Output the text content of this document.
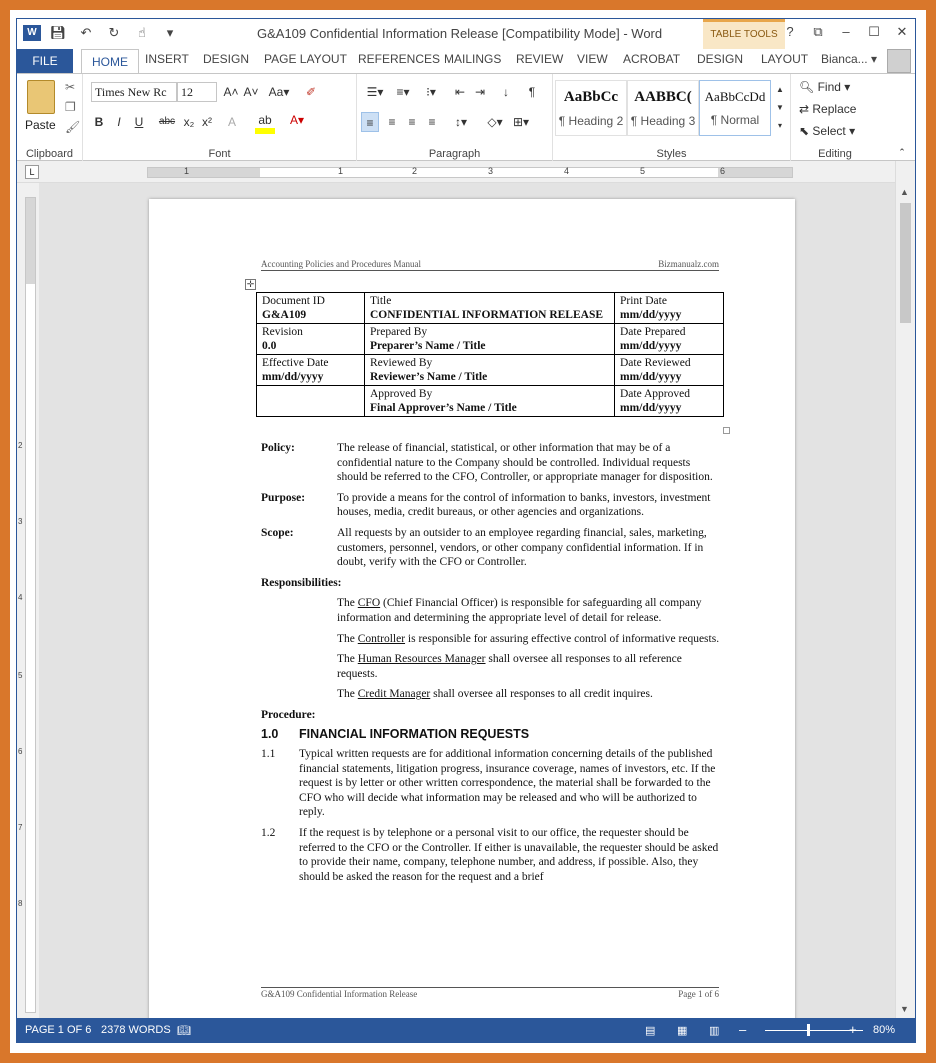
W	💾︎	↶	↻	☝︎	▾	G&A109 Confidential Information Release [Compatibility Mode] - Word	TABLE TOOLS ? ⧉ – ☐ ✕
FILE	HOME	INSERT DESIGN PAGE LAYOUT REFERENCES MAILINGS REVIEW VIEW ACROBAT DESIGN LAYOUT Bianca... ▾
Paste
✂
❐
🖌︎
Clipboard
Times New Rc	12	A˄ A˅ Aa▾ ✐
B	I	U	abc x₂ x²	A	ab A▾
Font
☰▾	≡▾	⁝▾	⇤ ⇥	↓	¶
≡	≡	≡	≡	↕▾	◇▾ ⊞▾
Paragraph
AaBbCc
¶ Heading 2
AABBC(
¶ Heading 3
AaBbCcDd
¶ Normal
▲
▼
▾
Styles
🔍︎ Find ▾
⇄ Replace
⬉ Select ▾
Editing	⌃
L	1	1	2	3	4	5	6
2
3
4
5
6
7
8
Accounting Policies and Procedures Manual	Bizmanualz.com
✛
Document ID
G&A109	Title
CONFIDENTIAL INFORMATION RELEASE	Print Date
mm/dd/yyyy
Revision
0.0	Prepared By
Preparer’s Name / Title	Date Prepared
mm/dd/yyyy
Effective Date
mm/dd/yyyy	Reviewed By
Reviewer’s Name / Title	Date Reviewed
mm/dd/yyyy
	Approved By
Final Approver’s Name / Title	Date Approved
mm/dd/yyyy
Policy:	The release of financial, statistical, or other information that may be of a confidential nature to the Company should be controlled. Individual requests should be referred to the CFO, Controller, or appropriate manager for disposition.
Purpose:	To provide a means for the control of information to banks, investors, investment houses, media, credit bureaus, or other agencies and organizations.
Scope:	All requests by an outsider to an employee regarding financial, sales, marketing, customers, personnel, vendors, or other company confidential information. If in doubt, verify with the CFO or Controller.
Responsibilities:
The CFO (Chief Financial Officer) is responsible for safeguarding all company information and determining the appropriate level of detail for release.
The Controller is responsible for assuring effective control of informative requests.
The Human Resources Manager shall oversee all responses to all reference requests.
The Credit Manager shall oversee all responses to all credit inquires.
Procedure:
1.0	FINANCIAL INFORMATION REQUESTS
1.1	Typical written requests are for additional information concerning details of the published financial statements, litigation progress, insurance coverage, names of investors, etc. If the request is by letter or other written correspondence, the material shall be forwarded to the CFO who will decide what information may be released and who will be authorized to reply.
1.2	If the request is by telephone or a personal visit to our office, the requester should be referred to the CFO or the Controller. If either is unavailable, the requester should be asked to provide their name, company, telephone number, and address, if possible. Also, they should be asked the reason for the request and a brief
G&A109 Confidential Information Release	Page 1 of 6
▲
▼
PAGE 1 OF 6 2378 WORDS 📖︎	▤ ▦ ▥ –	+ 80%
